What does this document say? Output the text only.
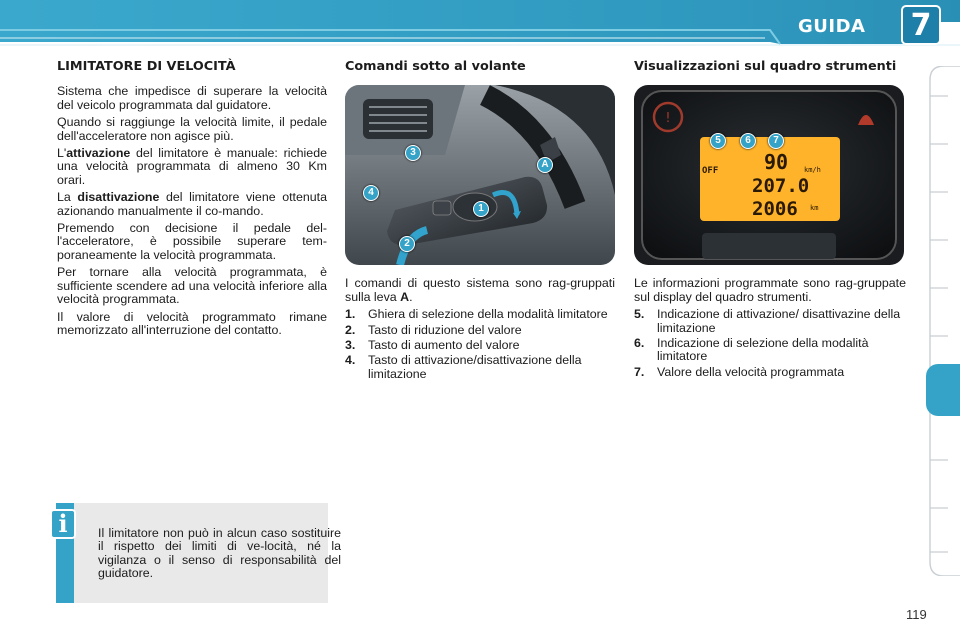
GUIDA 7
LIMITATORE DI VELOCITÀ

Sistema che impedisce di superare la velocità del veicolo programmata dal guidatore.

Quando si raggiunge la velocità limite, il pedale dell'acceleratore non agisce più.

L'attivazione del limitatore è manuale: richiede una velocità programmata di almeno 30 Km orari.

La disattivazione del limitatore viene ottenuta azionando manualmente il co-mando.

Premendo con decisione il pedale del-l'acceleratore, è possibile superare tem-poraneamente la velocità programmata.

Per tornare alla velocità programmata, è sufficiente scendere ad una velocità inferiore alla velocità programmata.

Il valore di velocità programmato rimane memorizzato all'interruzione del contatto.

Il limitatore non può in alcun caso sostituire il rispetto dei limiti di ve-locità, né la vigilanza o il senso di responsabilità del guidatore.
i
Comandi sotto al volante
1
2
3
4
A

I comandi di questo sistema sono rag-gruppati sulla leva A.

1.	Ghiera di selezione della modalità limitatore
2.	Tasto di riduzione del valore
3.	Tasto di aumento del valore
4.	Tasto di attivazione/disattivazione della limitazione
Visualizzazioni sul quadro strumenti
!
OFF 90 km/h
207.0
2006 km
5	6	7

Le informazioni programmate sono rag-gruppate sul display del quadro strumenti.

5.	Indicazione di attivazione/ disattivazine della limitazione
6.	Indicazione di selezione della modalità limitatore
7.	Valore della velocità programmata
119
